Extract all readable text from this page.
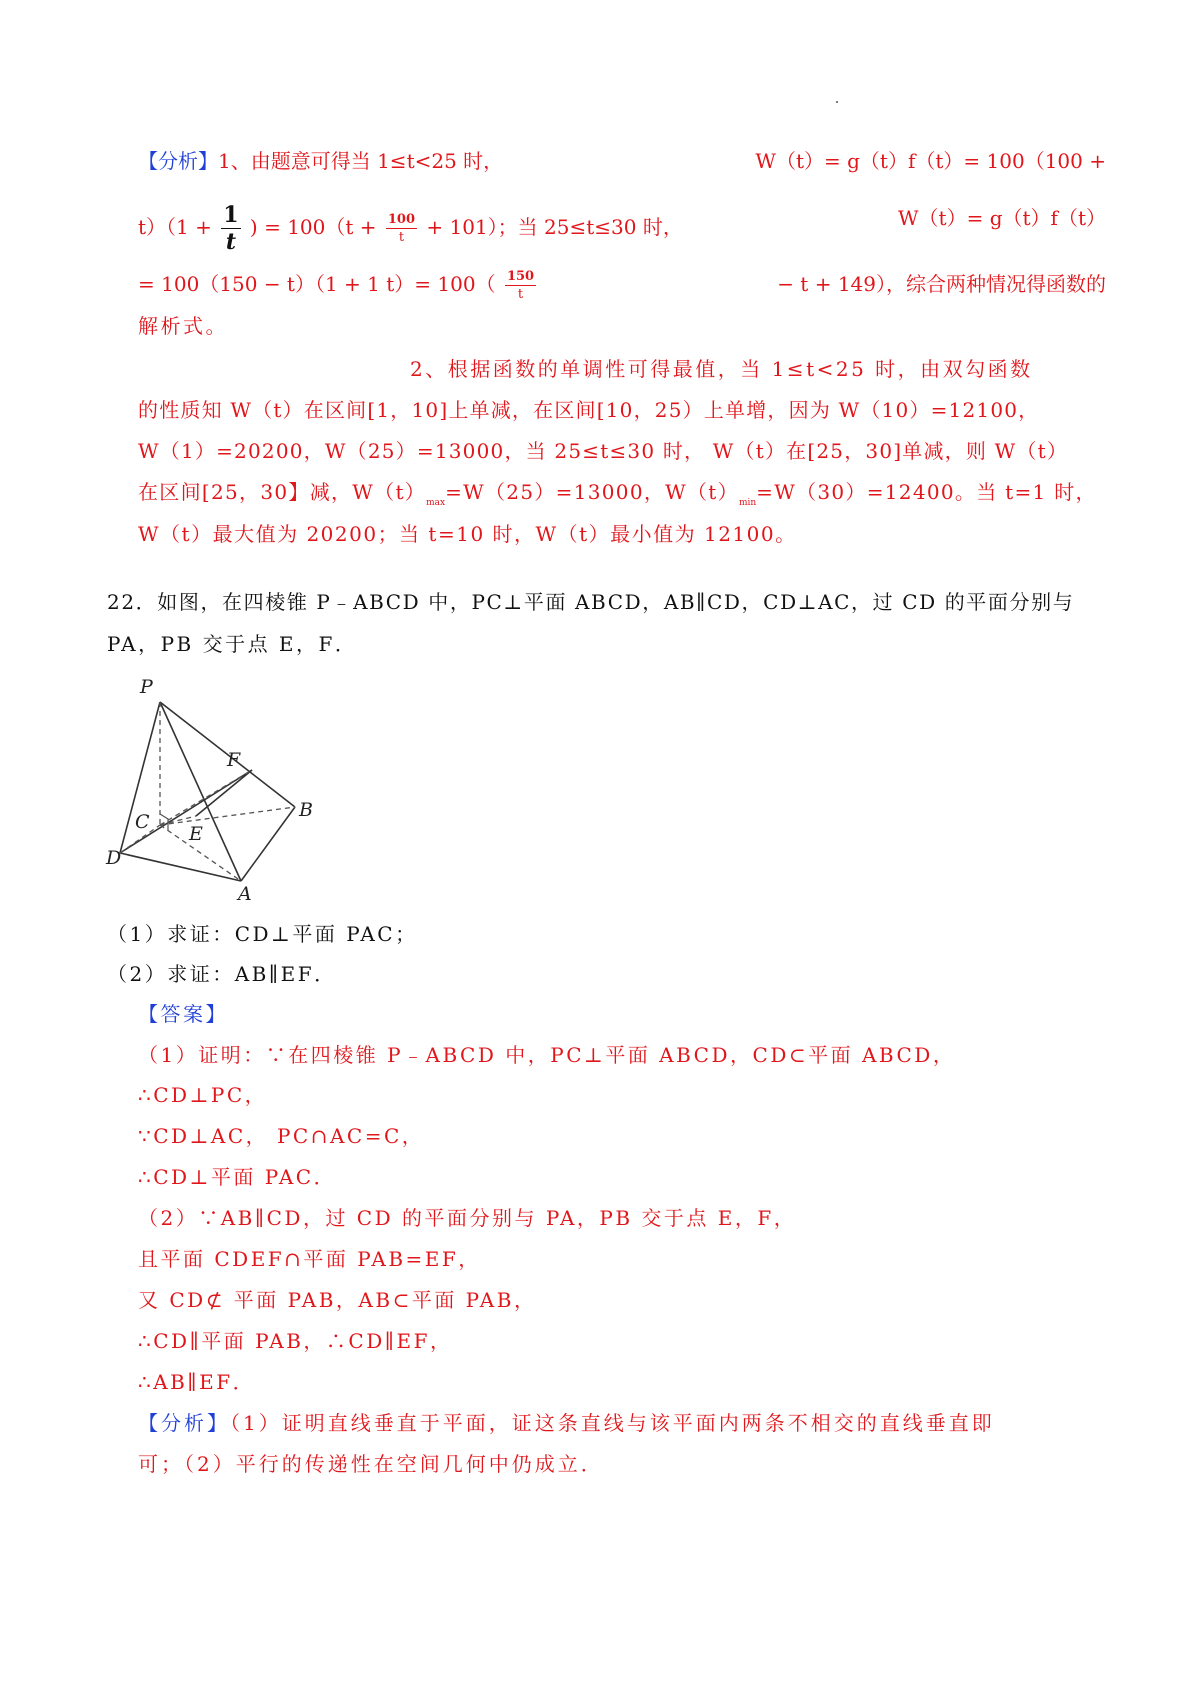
【分析】1、由题意可得当 1≤t<25 时，	W（t）= g（t）f（t）= 100（100 +
$t)(1 + \frac{1}{t}$ ) = $100(t + \frac{100}{t} + 101)$；当 25≤t≤30 时，	W（t）= g（t）f（t）
= 100（150 − t）（1 + 1 $t)= 100( \frac{150}{t}$	− t + 149），综合两种情况得函数的
解析式。
2、根据函数的单调性可得最值，当 1≤t<25 时，由双勾函数
的性质知 W（t）在区间[1，10]上单减，在区间[10，25）上单增，因为 W（10）=12100，
W（1）=20200，W（25）=13000，当 25≤t≤30 时， W（t）在[25，30]单减，则 W（t）
在区间[25，30】减，$W(t)_{max}=W(25)=13000$，$W(t)_{min}=W(30)=12400$。当 t=1 时，
W（t）最大值为 20200；当 t=10 时，W（t）最小值为 12100。
22．如图，在四棱锥 P﹣ABCD 中，PC⊥平面 ABCD，AB∥CD，CD⊥AC，过 CD 的平面分别与
PA，PB 交于点 E，F．
P
F
B
C
E
D
A
（1）求证：CD⊥平面 PAC；
（2）求证：AB∥EF．
【答案】
（1）证明：∵在四棱锥 P﹣ABCD 中，PC⊥平面 ABCD，CD⊂平面 ABCD，
∴CD⊥PC，
∵CD⊥AC， PC∩AC=C，
∴CD⊥平面 PAC．
（2）∵AB∥CD，过 CD 的平面分别与 PA，PB 交于点 E，F，
且平面 CDEF∩平面 PAB=EF，
又 CD⊄ 平面 PAB，AB⊂平面 PAB，
∴CD∥平面 PAB，∴CD∥EF，
∴AB∥EF．
【分析】（1）证明直线垂直于平面，证这条直线与该平面内两条不相交的直线垂直即
可；（2）平行的传递性在空间几何中仍成立．
